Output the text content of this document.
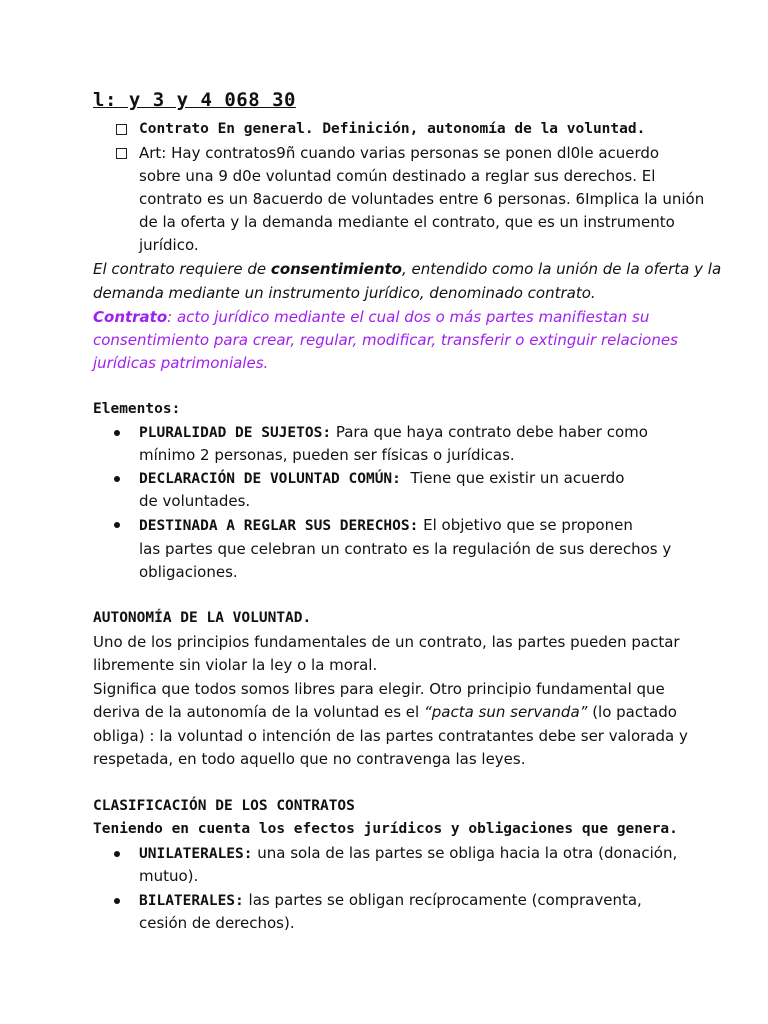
l: y 3 y 4 068 30

Contrato En general. Definición, autonomía de la voluntad.

Art: Hay contratos9ñ cuando varias personas se ponen dl0le acuerdo

sobre una 9 d0e voluntad común destinado a reglar sus derechos. El

contrato es un 8acuerdo de voluntades entre 6 personas. 6Implica la unión

de la oferta y la demanda mediante el contrato, que es un instrumento

jurídico.

El contrato requiere de consentimiento, entendido como la unión de la oferta y la

demanda mediante un instrumento jurídico, denominado contrato.

Contrato: acto jurídico mediante el cual dos o más partes manifiestan su

consentimiento para crear, regular, modificar, transferir o extinguir relaciones

jurídicas patrimoniales.

Elementos:

PLURALIDAD DE SUJETOS: Para que haya contrato debe haber como

mínimo 2 personas, pueden ser físicas o jurídicas.

DECLARACIÓN DE VOLUNTAD COMÚN:  Tiene que existir un acuerdo

de voluntades.

DESTINADA A REGLAR SUS DERECHOS: El objetivo que se proponen

las partes que celebran un contrato es la regulación de sus derechos y

obligaciones.

AUTONOMÍA DE LA VOLUNTAD.

Uno de los principios fundamentales de un contrato, las partes pueden pactar

libremente sin violar la ley o la moral.

Significa que todos somos libres para elegir. Otro principio fundamental que

deriva de la autonomía de la voluntad es el “pacta sun servanda” (lo pactado

obliga) : la voluntad o intención de las partes contratantes debe ser valorada y

respetada, en todo aquello que no contravenga las leyes.

CLASIFICACIÓN DE LOS CONTRATOS

Teniendo en cuenta los efectos jurídicos y obligaciones que genera.

UNILATERALES: una sola de las partes se obliga hacia la otra (donación,

mutuo).

BILATERALES: las partes se obligan recíprocamente (compraventa,

cesión de derechos).
